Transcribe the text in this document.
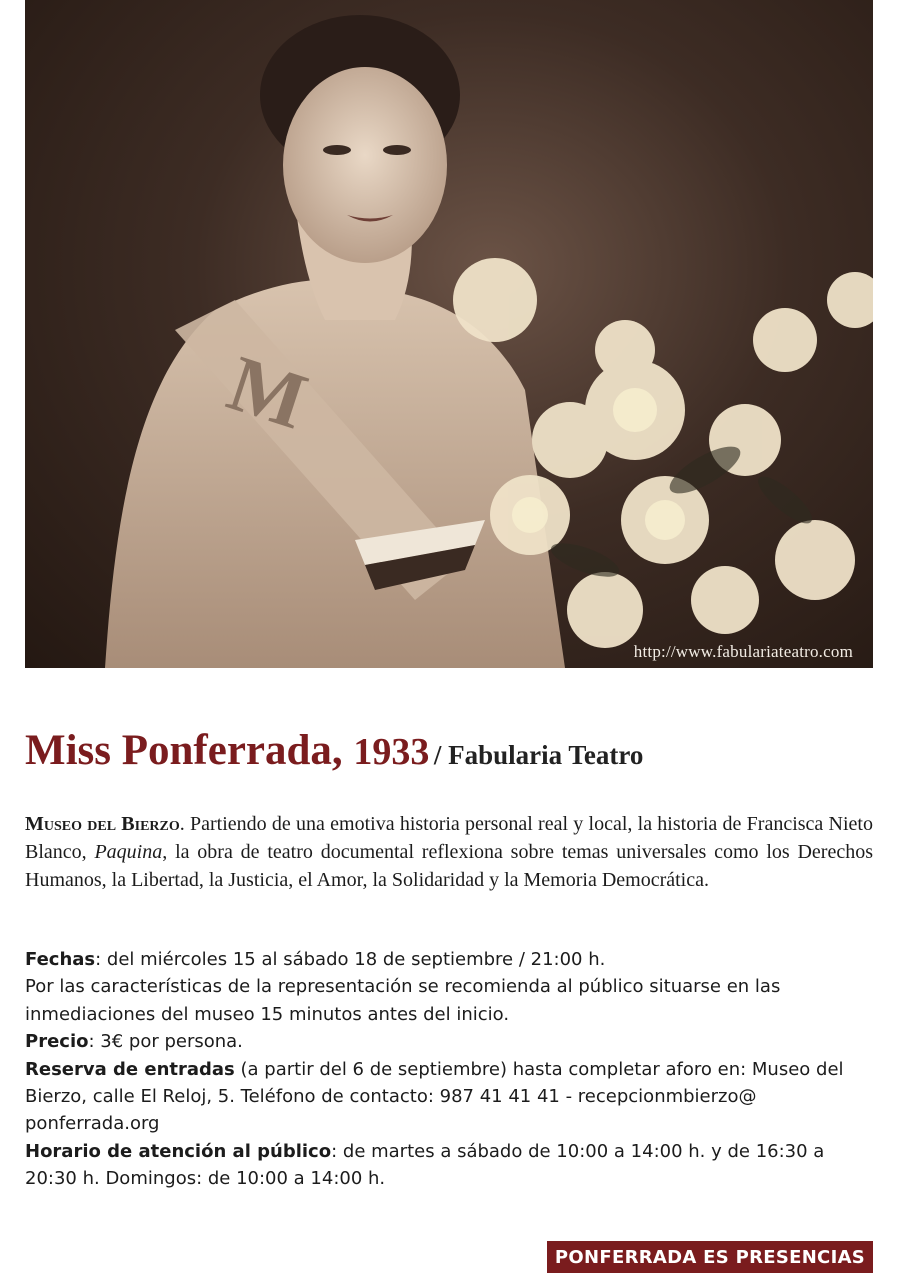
M
http://www.fabulariateatro.com
Miss Ponferrada, 1933 / Fabularia Teatro

Museo del Bierzo. Partiendo de una emotiva historia personal real y local, la historia de Francisca Nieto Blanco, Paquina, la obra de teatro documental reflexiona sobre temas universales como los Derechos Humanos, la Libertad, la Justicia, el Amor, la Solidaridad y la Memoria Democrática.

Fechas: del miércoles 15 al sábado 18 de septiembre / 21:00 h.
Por las características de la representación se recomienda al público situarse en las inmediaciones del museo 15 minutos antes del inicio.
Precio: 3€ por persona.
Reserva de entradas (a partir del 6 de septiembre) hasta completar aforo en: Museo del Bierzo, calle El Reloj, 5. Teléfono de contacto: 987 41 41 41 - recepcionmbierzo@ ponferrada.org
Horario de atención al público: de martes a sábado de 10:00 a 14:00 h. y de 16:30 a 20:30 h. Domingos: de 10:00 a 14:00 h.

PONFERRADA ES PRESENCIAS
